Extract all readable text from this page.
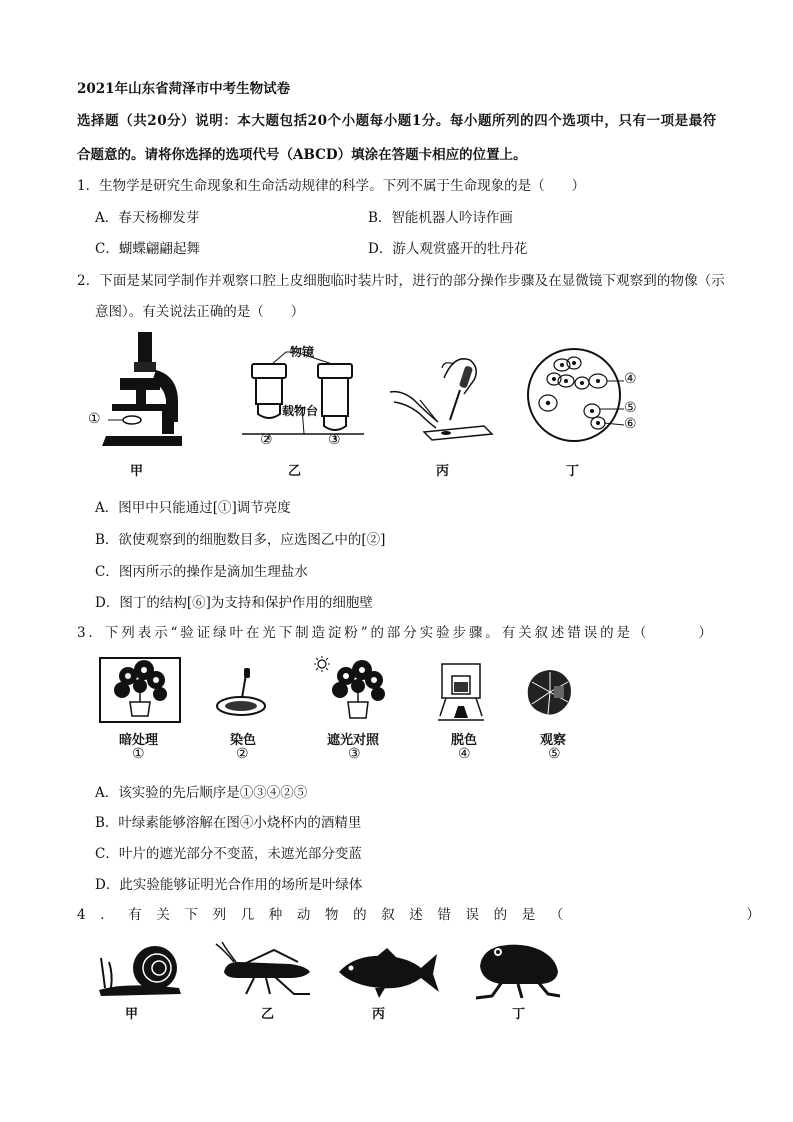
2021年山东省菏泽市中考生物试卷
选择题（共20分）说明：本大题包括20个小题每小题1分。每小题所列的四个选项中，只有一项是最符
合题意的。请将你选择的选项代号（ABCD）填涂在答题卡相应的位置上。
1．生物学是研究生命现象和生命活动规律的科学。下列不属于生命现象的是（　　）
A．春天杨柳发芽	B．智能机器人吟诗作画
C．蝴蝶翩翩起舞	D．游人观赏盛开的牡丹花
2．下面是某同学制作并观察口腔上皮细胞临时装片时，进行的部分操作步骤及在显微镜下观察到的物像（示
意图）。有关说法正确的是（　　）
①
甲
物镜
载物台
②	③
乙	丙
④
⑤
⑥
丁
A．图甲中只能通过[①]调节亮度
B．欲使观察到的细胞数目多，应选图乙中的[②]
C．图丙所示的操作是滴加生理盐水
D．图丁的结构[⑥]为支持和保护作用的细胞壁
3．下列表示“验证绿叶在光下制造淀粉”的部分实验步骤。有关叙述错误的是（　　　）
暗处理
①
染色
②
遮光对照
③
脱色
④
观察
⑤
A．该实验的先后顺序是①③④②⑤
B．叶绿素能够溶解在图④小烧杯内的酒精里
C．叶片的遮光部分不变蓝，未遮光部分变蓝
D．此实验能够证明光合作用的场所是叶绿体
4．有关下列几种动物的叙述错误的是（　　　　　　）
甲	乙	丙	丁
